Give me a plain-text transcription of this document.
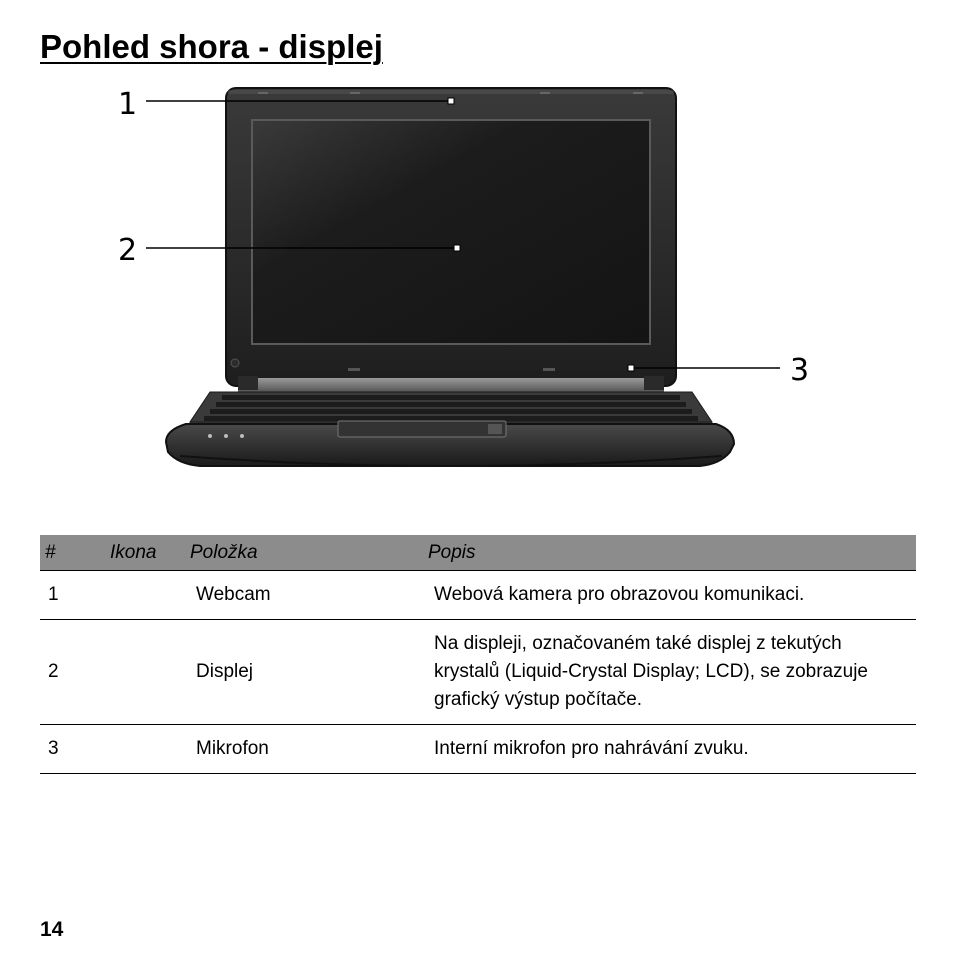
Pohled shora - displej
1
2
3
#	Ikona	Položka	Popis
1		Webcam	Webová kamera pro obrazovou komunikaci.
2		Displej	Na displeji, označovaném také displej z tekutých krystalů (Liquid-Crystal Display; LCD), se zobrazuje grafický výstup počítače.
3		Mikrofon	Interní mikrofon pro nahrávání zvuku.
14
